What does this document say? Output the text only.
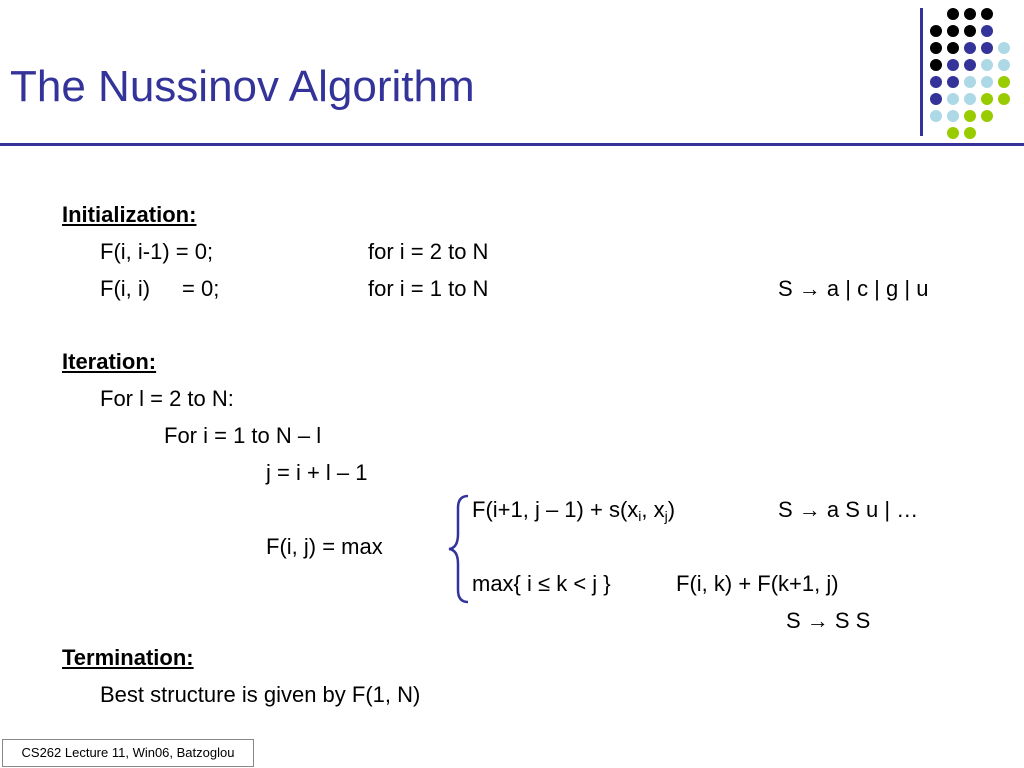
The Nussinov Algorithm
Initialization:
F(i, i-1) = 0;	for i = 2 to N
F(i, i) = 0;	for i = 1 to N	S → a | c | g | u
Iteration:
For l = 2 to N:
For i = 1 to N – l
j = i + l – 1
F(i+1, $j - 1) + s(x_i$, $x_j$)	S → a S u | …
F(i, j) = max
max{ i ≤ k < j }	F(i, k) + F(k+1, j)
S → S S
Termination:
Best structure is given by F(1, N)
CS262 Lecture 11, Win06, Batzoglou
